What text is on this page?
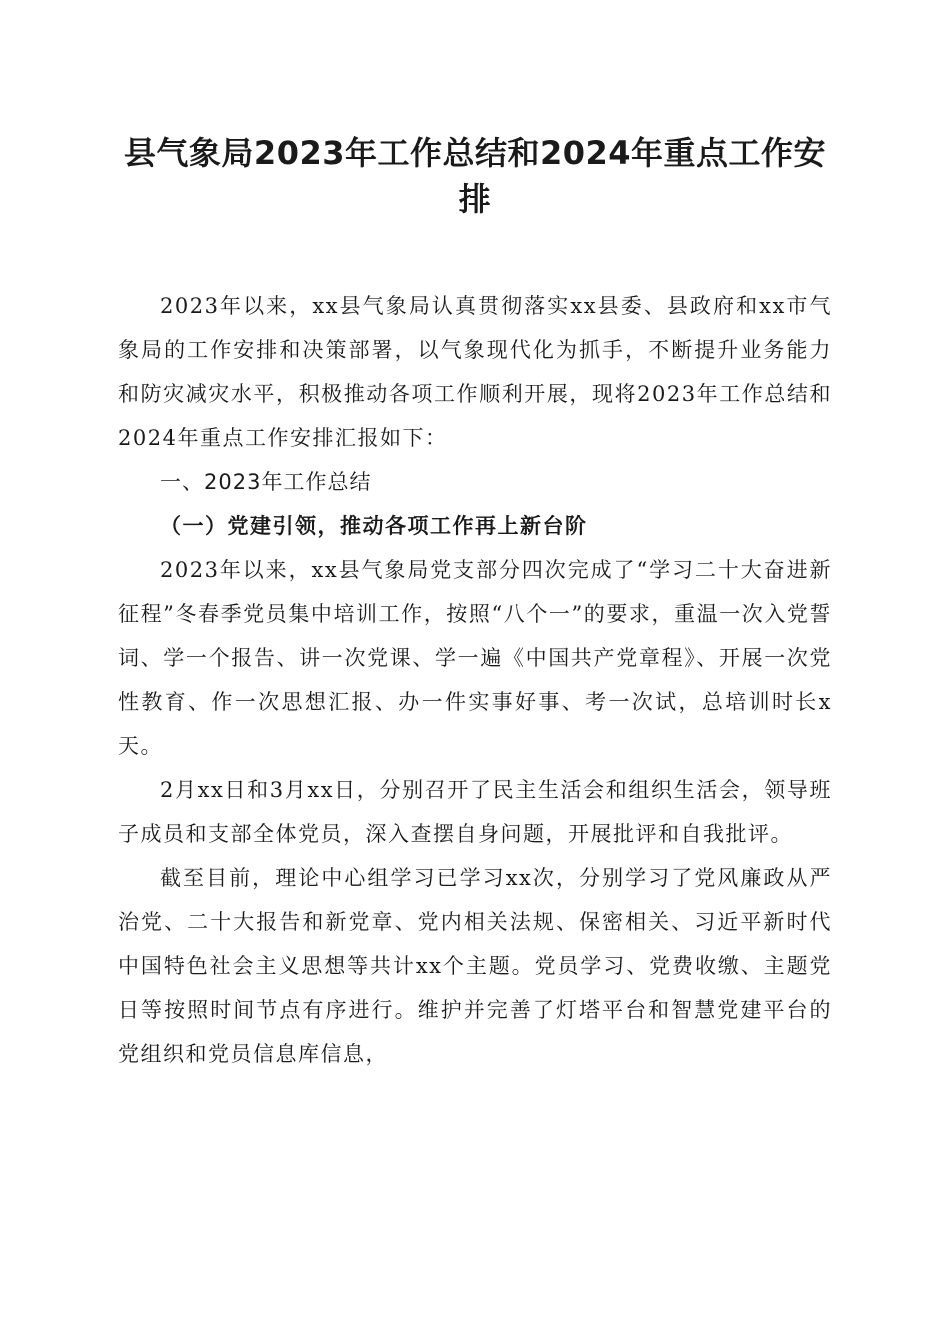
县气象局2023年工作总结和2024年重点工作安排

2023年以来，xx县气象局认真贯彻落实xx县委、县政府和xx市气象局的工作安排和决策部署，以气象现代化为抓手，不断提升业务能力和防灾减灾水平，积极推动各项工作顺利开展，现将2023年工作总结和2024年重点工作安排汇报如下：

一、2023年工作总结

（一）党建引领，推动各项工作再上新台阶

2023年以来，xx县气象局党支部分四次完成了“学习二十大奋进新征程”冬春季党员集中培训工作，按照“八个一”的要求，重温一次入党誓词、学一个报告、讲一次党课、学一遍《中国共产党章程》、开展一次党性教育、作一次思想汇报、办一件实事好事、考一次试，总培训时长x天。

2月xx日和3月xx日，分别召开了民主生活会和组织生活会，领导班子成员和支部全体党员，深入查摆自身问题，开展批评和自我批评。

截至目前，理论中心组学习已学习xx次，分别学习了党风廉政从严治党、二十大报告和新党章、党内相关法规、保密相关、习近平新时代中国特色社会主义思想等共计xx个主题。党员学习、党费收缴、主题党日等按照时间节点有序进行。维护并完善了灯塔平台和智慧党建平台的党组织和党员信息库信息，
